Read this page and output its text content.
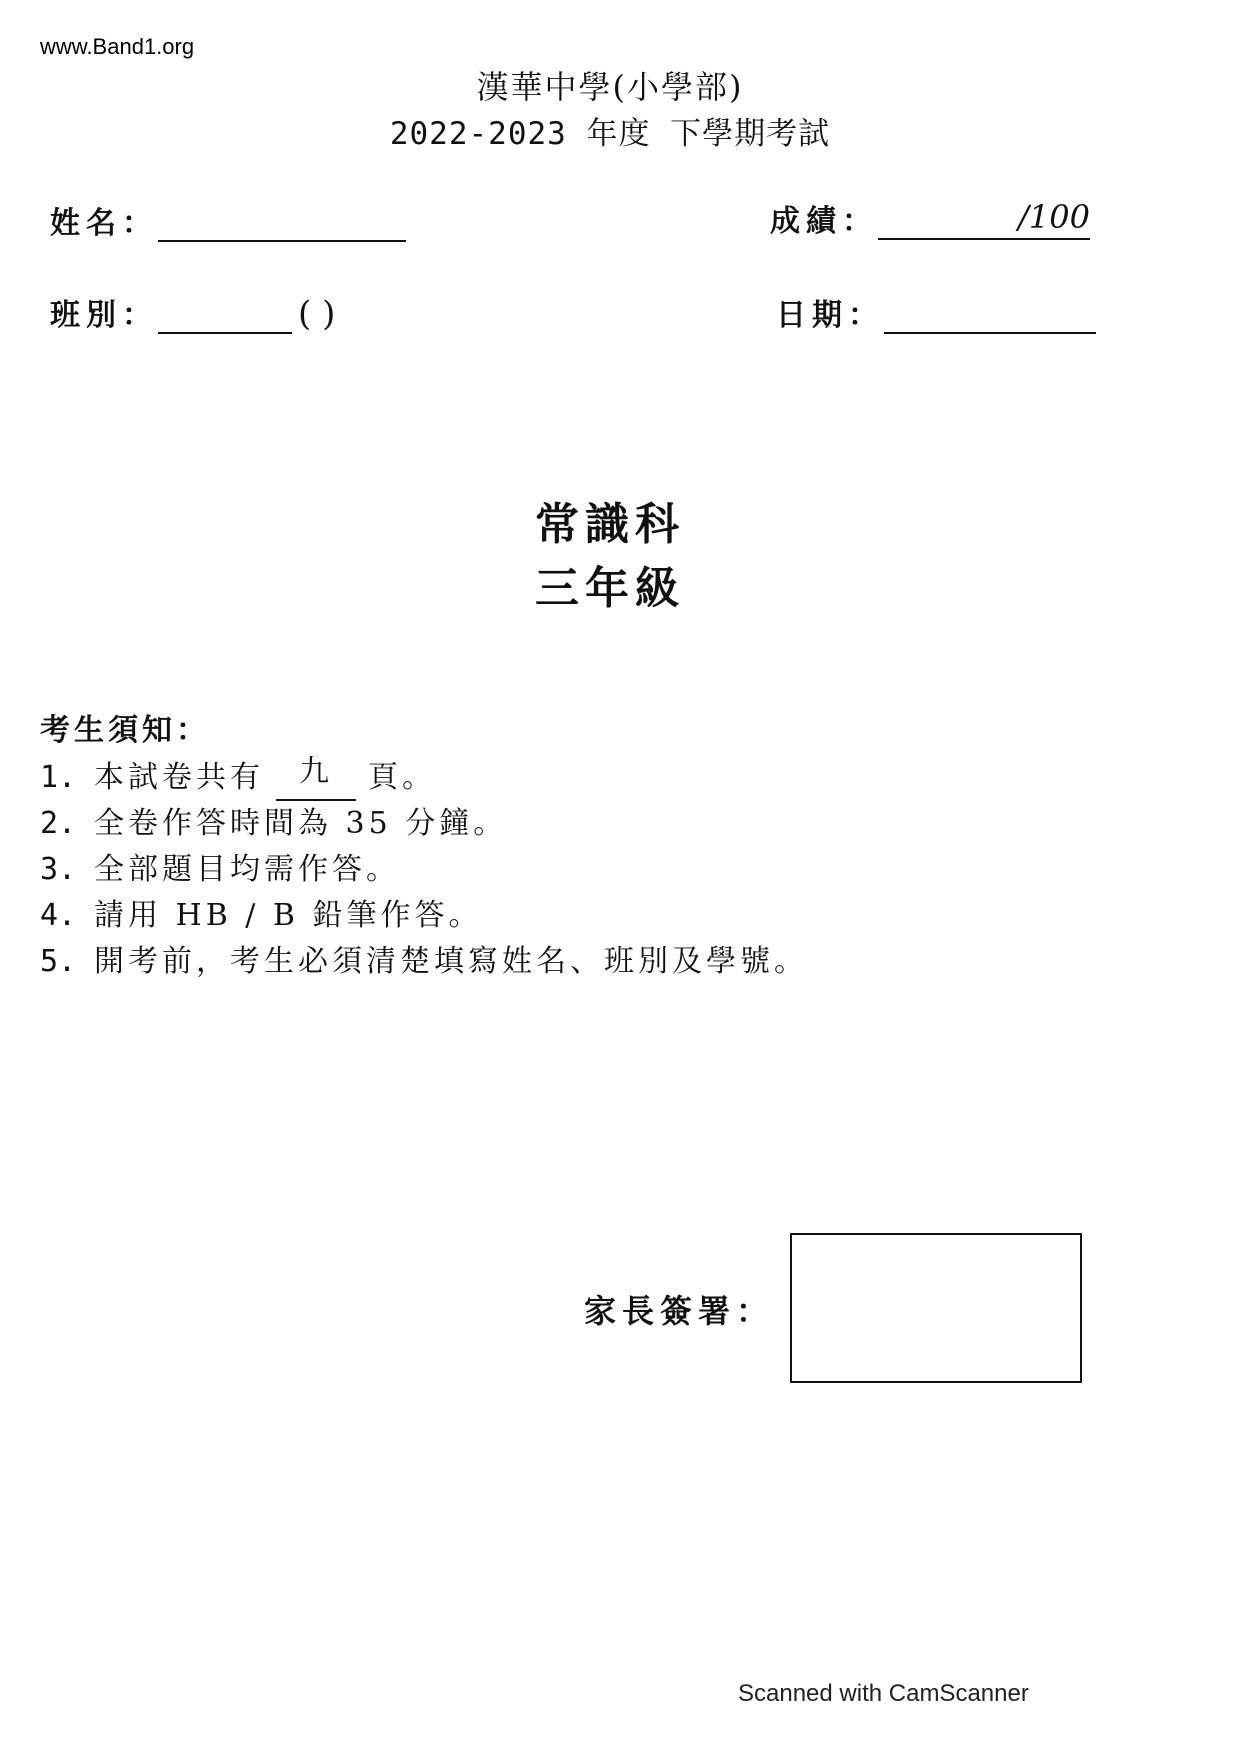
www.Band1.org
漢華中學(小學部)
2022-2023 年度 下學期考試
姓名：
班別：	( )
成績：	/100
日期：
常識科
三年級
考生須知：
1. 本試卷共有	九	頁。
2. 全卷作答時間為 35 分鐘。
3. 全部題目均需作答。
4. 請用 HB / B 鉛筆作答。
5. 開考前，考生必須清楚填寫姓名、班別及學號。
家長簽署：
Scanned with CamScanner
